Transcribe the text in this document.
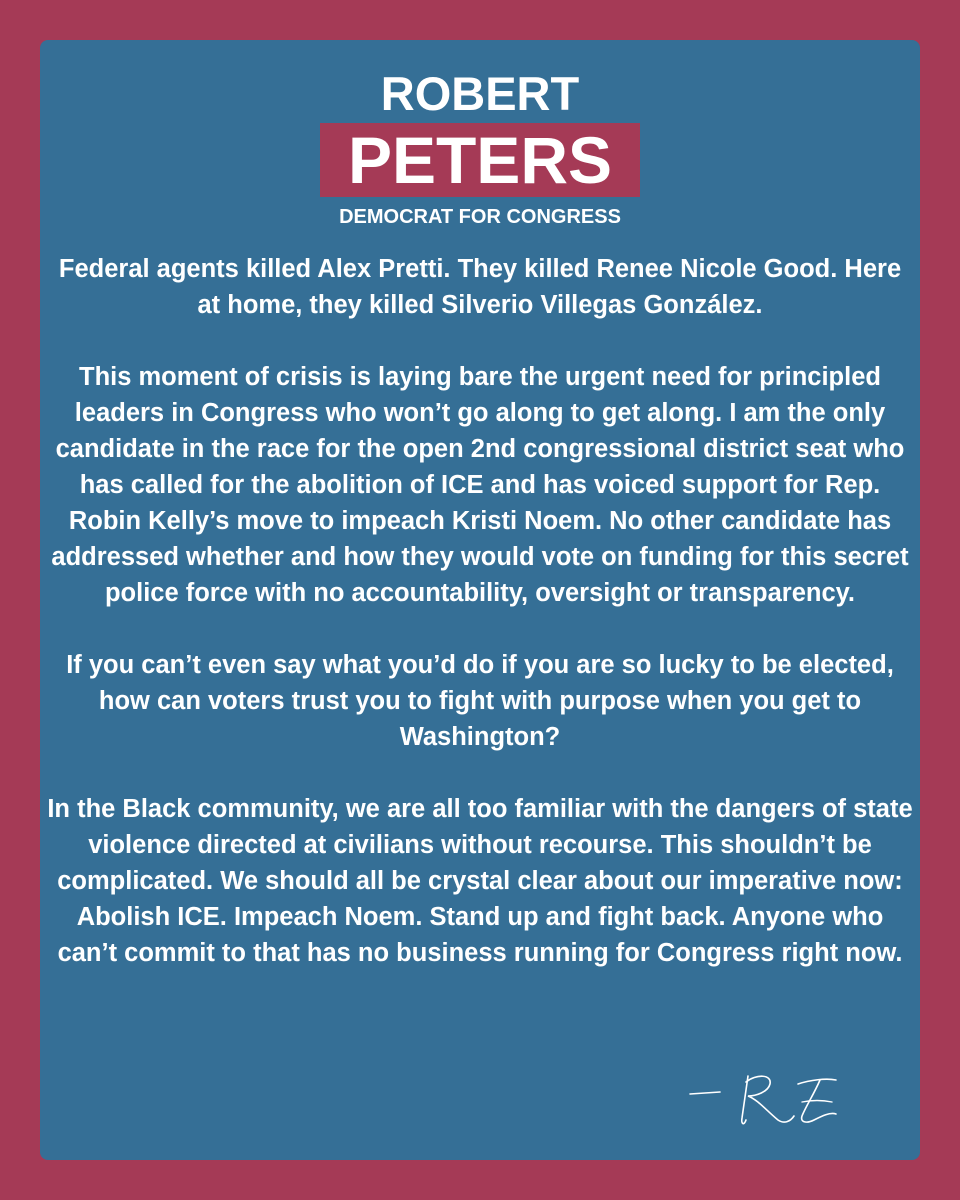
ROBERT
PETERS
DEMOCRAT FOR CONGRESS

Federal agents killed Alex Pretti. They killed Renee Nicole Good. Here at home, they killed Silverio Villegas González.

This moment of crisis is laying bare the urgent need for principled leaders in Congress who won’t go along to get along. I am the only candidate in the race for the open 2nd congressional district seat who has called for the abolition of ICE and has voiced support for Rep. Robin Kelly’s move to impeach Kristi Noem. No other candidate has addressed whether and how they would vote on funding for this secret police force with no accountability, oversight or transparency.

If you can’t even say what you’d do if you are so lucky to be elected, how can voters trust you to fight with purpose when you get to Washington?

In the Black community, we are all too familiar with the dangers of state violence directed at civilians without recourse. This shouldn’t be complicated. We should all be crystal clear about our imperative now: Abolish ICE. Impeach Noem. Stand up and fight back. Anyone who can’t commit to that has no business running for Congress right now.
